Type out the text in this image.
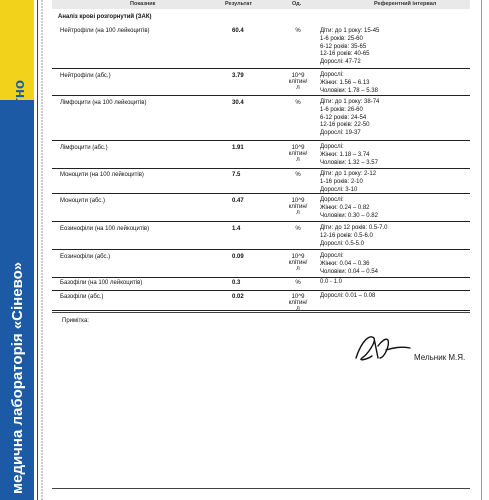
медична лабораторія «Сінево»
додає цінність діагно
Показник	Результат	Од.	Референтний інтервал
Аналіз крові розгорнутий (ЗАК)
Нейтрофіли (на 100 лейкоцитів)	60.4	%	Діти: до 1 року: 15-45
1-6 років: 25-60
6-12 років: 35-65
12-16 років: 40-65
Дорослі: 47-72
Нейтрофіли (абс.)	3.79	10^9 клітин/л
Дорослі:
Жінки: 1.56 – 6.13
Чоловіки: 1.78 – 5.38
Лімфоцити (на 100 лейкоцитів)	30.4	%	Діти: до 1 року: 38-74
1-6 років: 26-60
6-12 років: 24-54
12-16 років: 22-50
Дорослі: 19-37
Лімфоцити (абс.)	1.91	10^9 клітин/л
Дорослі:
Жінки: 1.18 – 3.74
Чоловіки: 1.32 – 3.57
Моноцити (на 100 лейкоцитів)	7.5	%	Діти: до 1 року: 2-12
1-16 років: 2-10
Дорослі: 3-10
Моноцити (абс.)	0.47	10^9 клітин/л
Дорослі:
Жінки: 0.24 – 0.82
Чоловіки: 0.30 – 0.82
Еозинофіли (на 100 лейкоцитів)	1.4	%	Діти: до 12 років: 0.5-7.0
12-16 років: 0.5-6.0
Дорослі: 0.5-5.0
Еозинофіли (абс.)	0.09	10^9 клітин/л
Дорослі:
Жінки: 0.04 – 0.36
Чоловіки: 0.04 – 0.54
Базофіли (на 100 лейкоцитів)	0.3	%	0.0 - 1.0
Базофіли (абс.)	0.02	10^9 клітин/л
Дорослі: 0.01 – 0.08
Примітка:
Мельник М.Я.
